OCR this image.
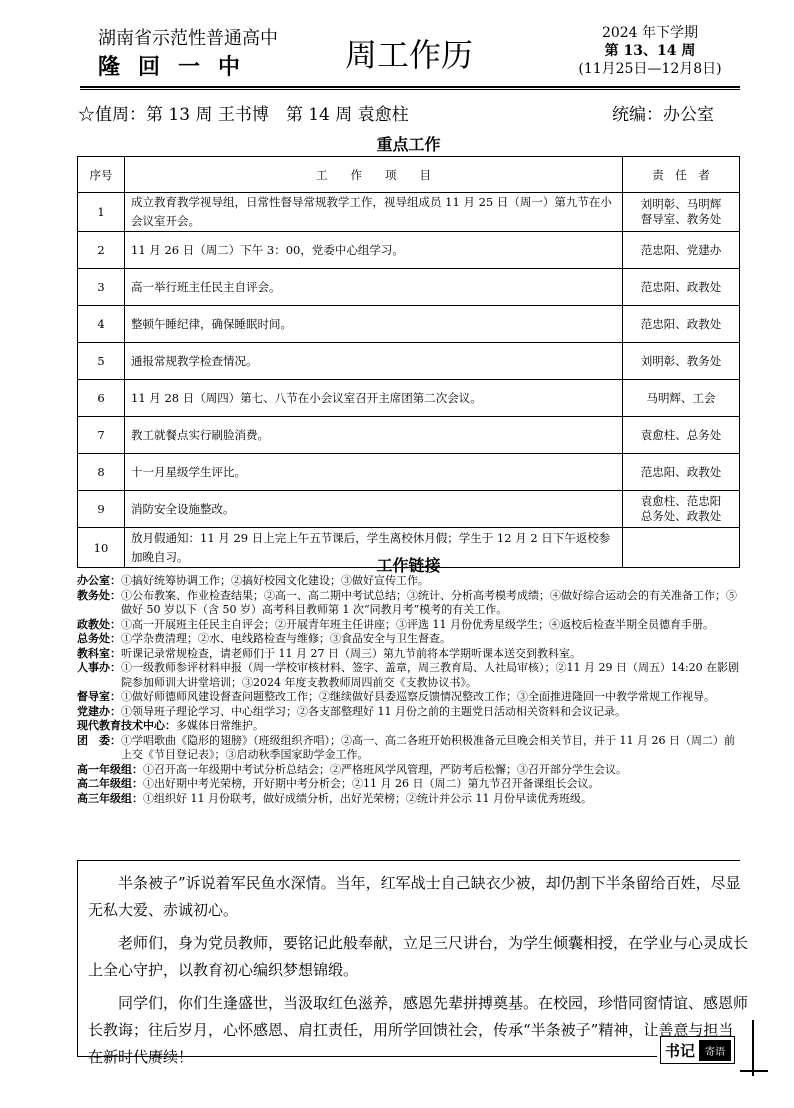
湖南省示范性普通高中
隆回一中	周工作历
2024 年下学期
第 13、14 周
(11月25日—12月8日)
☆值周：第 13 周 王书博　第 14 周 袁愈柱	统编：办公室
重点工作
序号	工　　作　　项　　目	责　任　者
1	成立教育教学视导组，日常性督导常规教学工作，视导组成员 11 月 25 日（周一）第九节在小会议室开会。	刘明彰、马明辉
督导室、教务处
2	11 月 26 日（周二）下午 3：00，党委中心组学习。	范忠阳、党建办
3	高一举行班主任民主自评会。	范忠阳、政教处
4	整顿午睡纪律，确保睡眠时间。	范忠阳、政教处
5	通报常规教学检查情况。	刘明彰、教务处
6	11 月 28 日（周四）第七、八节在小会议室召开主席团第二次会议。	马明辉、工会
7	教工就餐点实行刷脸消费。	袁愈柱、总务处
8	十一月星级学生评比。	范忠阳、政教处
9	消防安全设施整改。	袁愈柱、范忠阳
总务处、政教处
10	放月假通知：11 月 29 日上完上午五节课后，学生离校休月假；学生于 12 月 2 日下午返校参加晚自习。		工作链接
办公室： ①搞好统筹协调工作；②搞好校园文化建设；③做好宣传工作。
教务处： ①公布教案、作业检查结果；②高一、高二期中考试总结；③统计、分析高考模考成绩；④做好综合运动会的有关准备工作；⑤做好 50 岁以下（含 50 岁）高考科目教师第 1 次“同教月考”模考的有关工作。
政教处： ①高一开展班主任民主自评会；②开展青年班主任讲座；③评选 11 月份优秀星级学生；④返校后检查半期全员德育手册。
总务处： ①学杂费清理；②水、电线路检查与维修；③食品安全与卫生督查。
教科室： 听课记录常规检查，请老师们于 11 月 27 日（周三）第九节前将本学期听课本送交到教科室。
人事办： ①一级教师参评材料申报（周一学校审核材料、签字、盖章，周三教育局、人社局审核）；②11 月 29 日（周五）14:20 在影剧院参加师训大讲堂培训；③2024 年度支教教师周四前交《支教协议书》。
督导室： ①做好师德师风建设督查问题整改工作；②继续做好县委巡察反馈情况整改工作；③全面推进隆回一中教学常规工作视导。
党建办： ①领导班子理论学习、中心组学习；②各支部整理好 11 月份之前的主题党日活动相关资料和会议记录。
现代教育技术中心： 多媒体日常维护。
团　委： ①学唱歌曲《隐形的翅膀》（班级组织齐唱）；②高一、高二各班开始积极准备元旦晚会相关节目，并于 11 月 26 日（周二）前上交《节目登记表》；③启动秋季国家助学金工作。
高一年级组： ①召开高一年级期中考试分析总结会；②严格班风学风管理，严防考后松懈；③召开部分学生会议。
高二年级组： ①出好期中考光荣榜，开好期中考分析会；②11 月 26 日（周二）第九节召开备课组长会议。
高三年级组： ①组织好 11 月份联考，做好成绩分析，出好光荣榜；②统计并公示 11 月份早读优秀班级。

半条被子”诉说着军民鱼水深情。当年，红军战士自己缺衣少被，却仍割下半条留给百姓，尽显无私大爱、赤诚初心。

老师们，身为党员教师，要铭记此般奉献，立足三尺讲台，为学生倾囊相授，在学业与心灵成长上全心守护，以教育初心编织梦想锦缎。

同学们，你们生逢盛世，当汲取红色滋养，感恩先辈拼搏奠基。在校园，珍惜同窗情谊、感恩师长教诲；往后岁月，心怀感恩、肩扛责任，用所学回馈社会，传承“半条被子”精神，让善意与担当在新时代赓续！	书记	寄语
